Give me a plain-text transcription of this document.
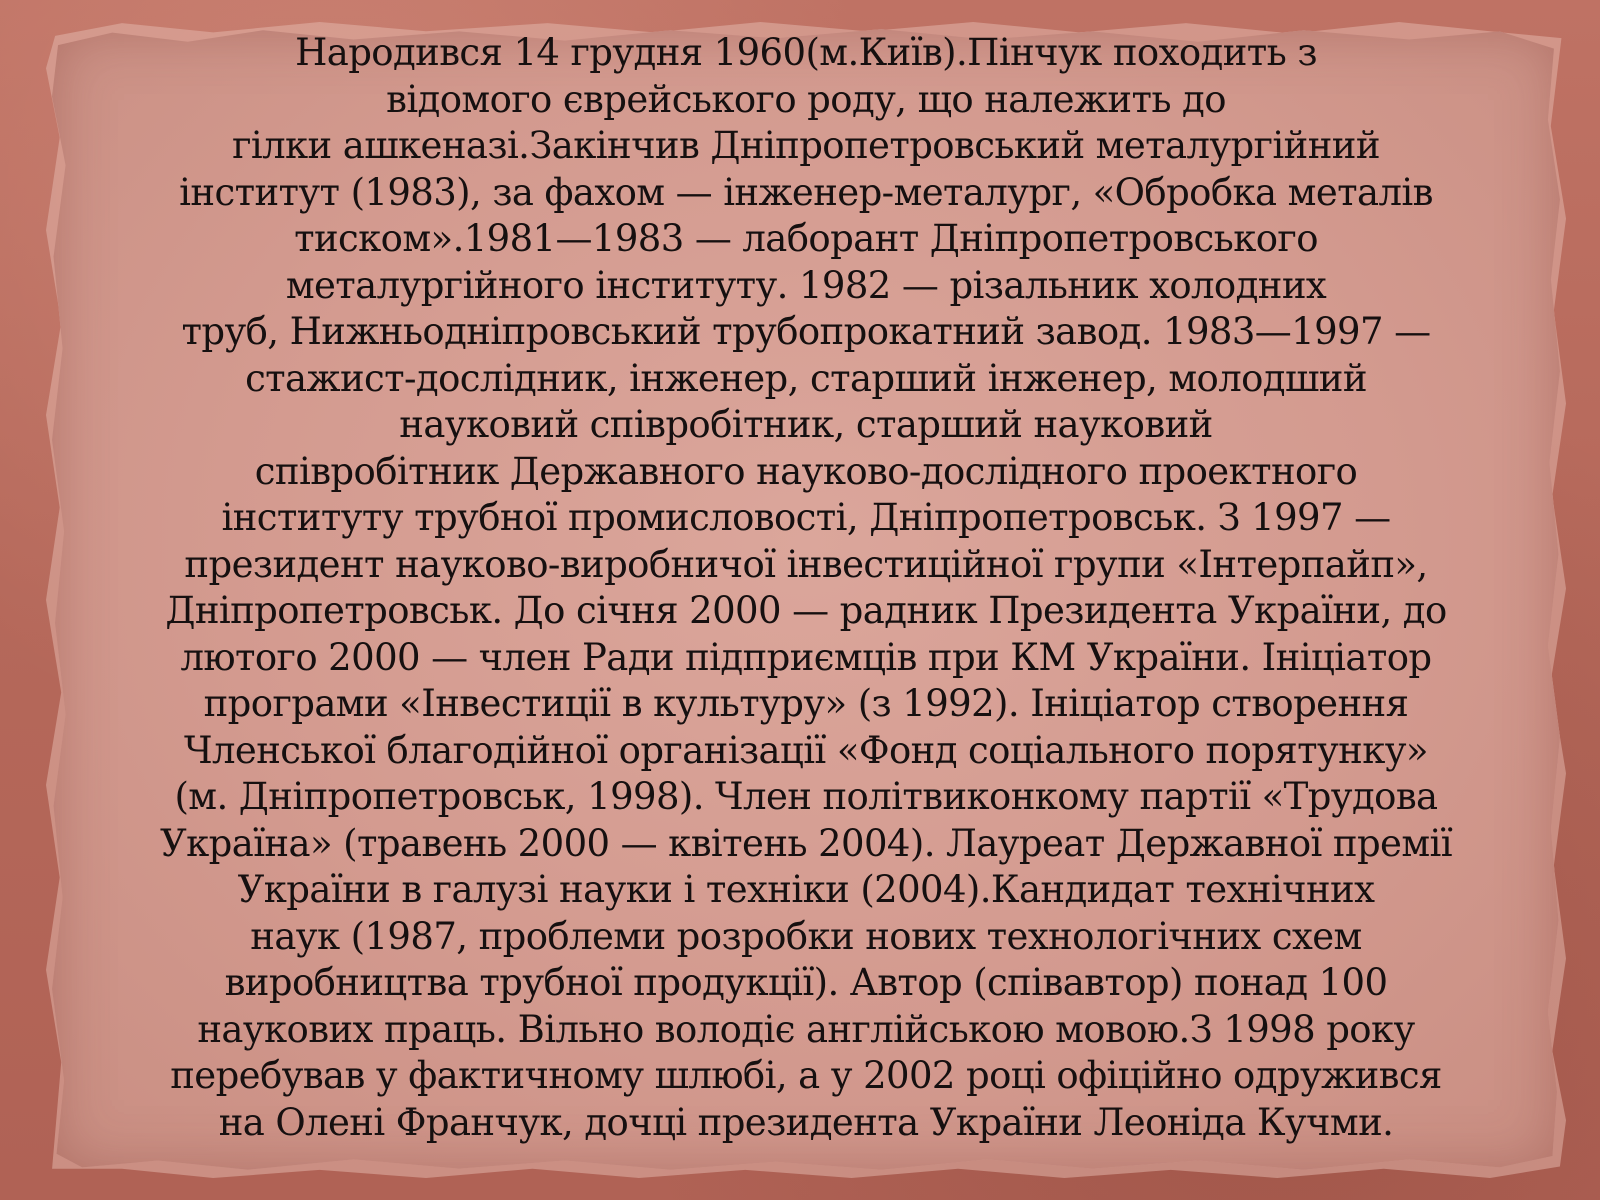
Народився 14 грудня 1960(м.Київ).Пінчук походить з
відомого єврейського роду, що належить до
гілки ашкеназі.Закінчив Дніпропетровський металургійний
інститут (1983), за фахом — інженер-металург, «Обробка металів
тиском».1981—1983 — лаборант Дніпропетровського
металургійного інституту. 1982 — різальник холодних
труб, Нижньодніпровський трубопрокатний завод. 1983—1997 —
стажист-дослідник, інженер, старший інженер, молодший
науковий співробітник, старший науковий
співробітник Державного науково-дослідного проектного
інституту трубної промисловості, Дніпропетровськ. З 1997 —
президент науково-виробничої інвестиційної групи «Інтерпайп»,
Дніпропетровськ. До січня 2000 — радник Президента України, до
лютого 2000 — член Ради підприємців при КМ України. Ініціатор
програми «Інвестиції в культуру» (з 1992). Ініціатор створення
Членської благодійної організації «Фонд соціального порятунку»
(м. Дніпропетровськ, 1998). Член політвиконкому партії «Трудова
Україна» (травень 2000 — квітень 2004). Лауреат Державної премії
України в галузі науки і техніки (2004).Кандидат технічних
наук (1987, проблеми розробки нових технологічних схем
виробництва трубної продукції). Автор (співавтор) понад 100
наукових праць. Вільно володіє англійською мовою.З 1998 року
перебував у фактичному шлюбі, а у 2002 році офіційно одружився
на Олені Франчук, дочці президента України Леоніда Кучми.
